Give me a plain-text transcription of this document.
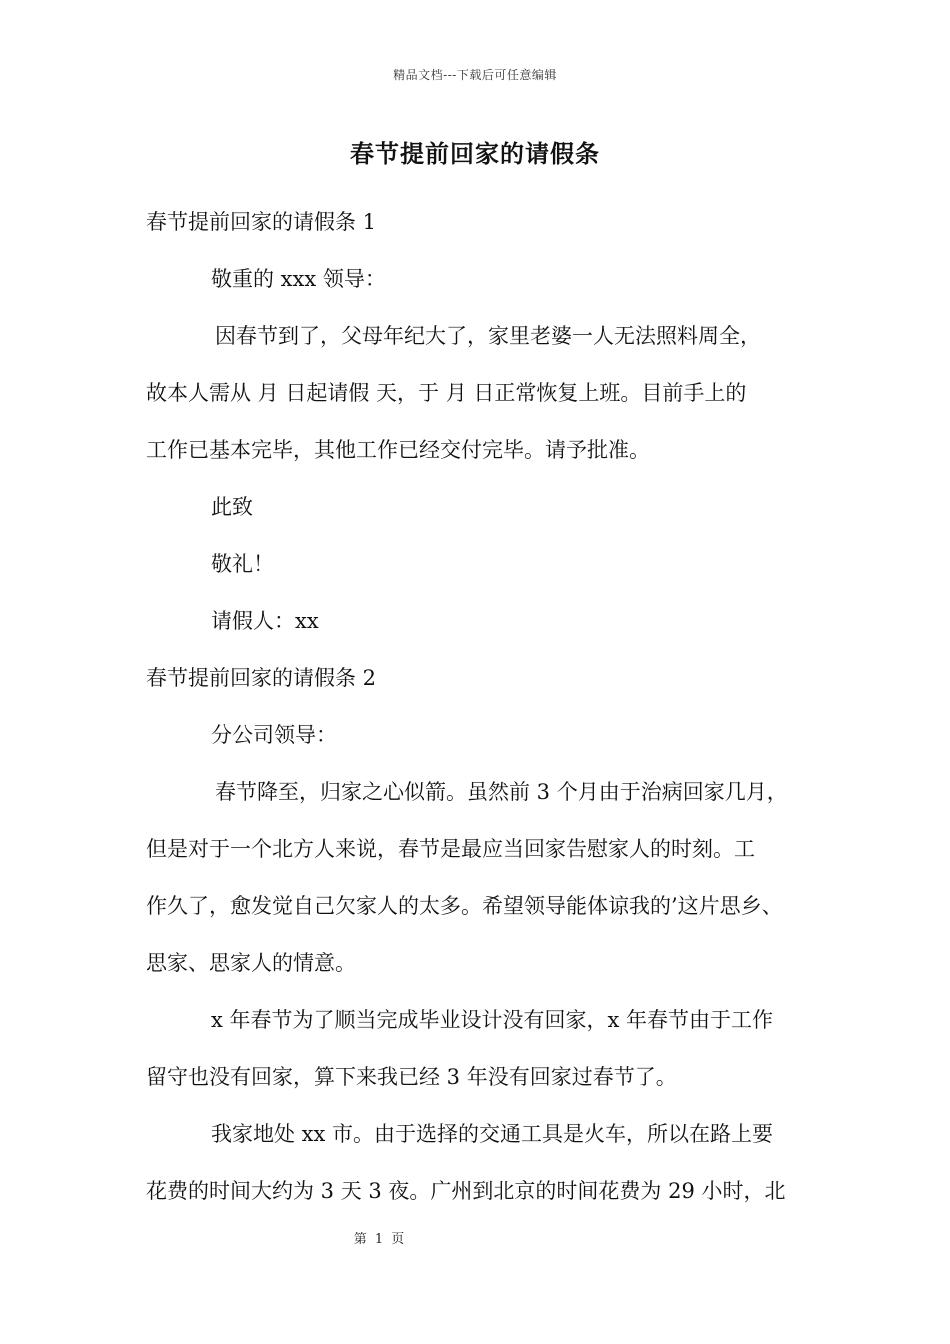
精品文档---下载后可任意编辑
春节提前回家的请假条
春节提前回家的请假条 1
敬重的 xxx 领导：
因春节到了，父母年纪大了，家里老婆一人无法照料周全，
故本人需从 月 日起请假 天，于 月 日正常恢复上班。目前手上的
工作已基本完毕，其他工作已经交付完毕。请予批准。
此致
敬礼！
请假人：xx
春节提前回家的请假条 2
分公司领导：
春节降至，归家之心似箭。虽然前 3 个月由于治病回家几月，
但是对于一个北方人来说，春节是最应当回家告慰家人的时刻。工
作久了，愈发觉自己欠家人的太多。希望领导能体谅我的’这片思乡、
思家、思家人的情意。
x 年春节为了顺当完成毕业设计没有回家，x 年春节由于工作
留守也没有回家，算下来我已经 3 年没有回家过春节了。
我家地处 xx 市。由于选择的交通工具是火车，所以在路上要
花费的时间大约为 3 天 3 夜。广州到北京的时间花费为 29 小时，北
第 1 页
